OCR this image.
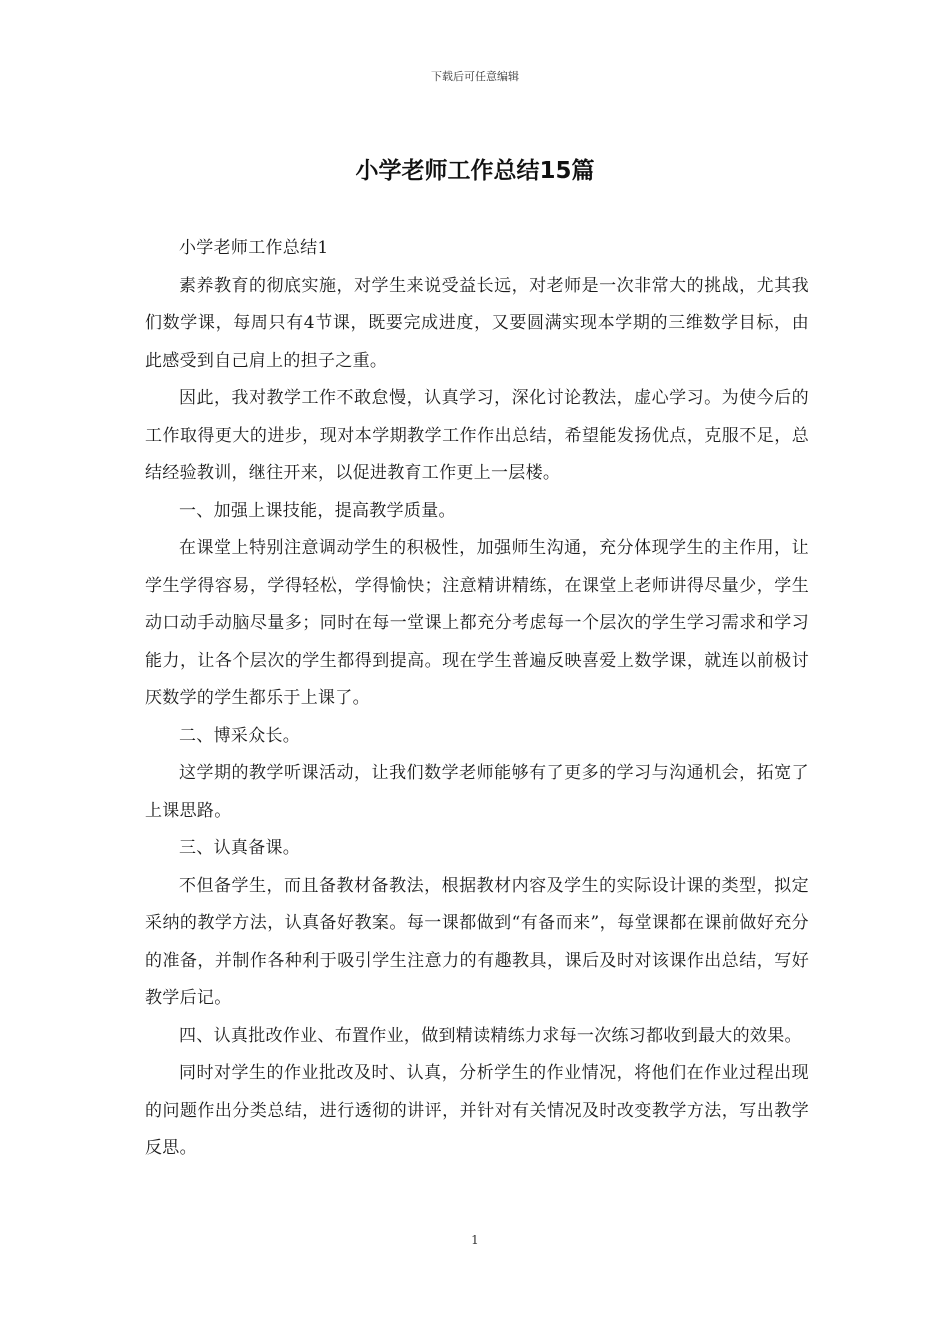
下载后可任意编辑
小学老师工作总结15篇

小学老师工作总结1

素养教育的彻底实施，对学生来说受益长远，对老师是一次非常大的挑战，尤其我们数学课，每周只有4节课，既要完成进度，又要圆满实现本学期的三维数学目标，由此感受到自己肩上的担子之重。

因此，我对教学工作不敢怠慢，认真学习，深化讨论教法，虚心学习。为使今后的工作取得更大的进步，现对本学期教学工作作出总结，希望能发扬优点，克服不足，总结经验教训，继往开来，以促进教育工作更上一层楼。

一、加强上课技能，提高教学质量。

在课堂上特别注意调动学生的积极性，加强师生沟通，充分体现学生的主作用，让学生学得容易，学得轻松，学得愉快；注意精讲精练，在课堂上老师讲得尽量少，学生动口动手动脑尽量多；同时在每一堂课上都充分考虑每一个层次的学生学习需求和学习能力，让各个层次的学生都得到提高。现在学生普遍反映喜爱上数学课，就连以前极讨厌数学的学生都乐于上课了。

二、博采众长。

这学期的教学听课活动，让我们数学老师能够有了更多的学习与沟通机会，拓宽了上课思路。

三、认真备课。

不但备学生，而且备教材备教法，根据教材内容及学生的实际设计课的类型，拟定采纳的教学方法，认真备好教案。每一课都做到“有备而来”，每堂课都在课前做好充分的准备，并制作各种利于吸引学生注意力的有趣教具，课后及时对该课作出总结，写好教学后记。

四、认真批改作业、布置作业，做到精读精练力求每一次练习都收到最大的效果。

同时对学生的作业批改及时、认真，分析学生的作业情况，将他们在作业过程出现的问题作出分类总结，进行透彻的讲评，并针对有关情况及时改变教学方法，写出教学反思。

1
